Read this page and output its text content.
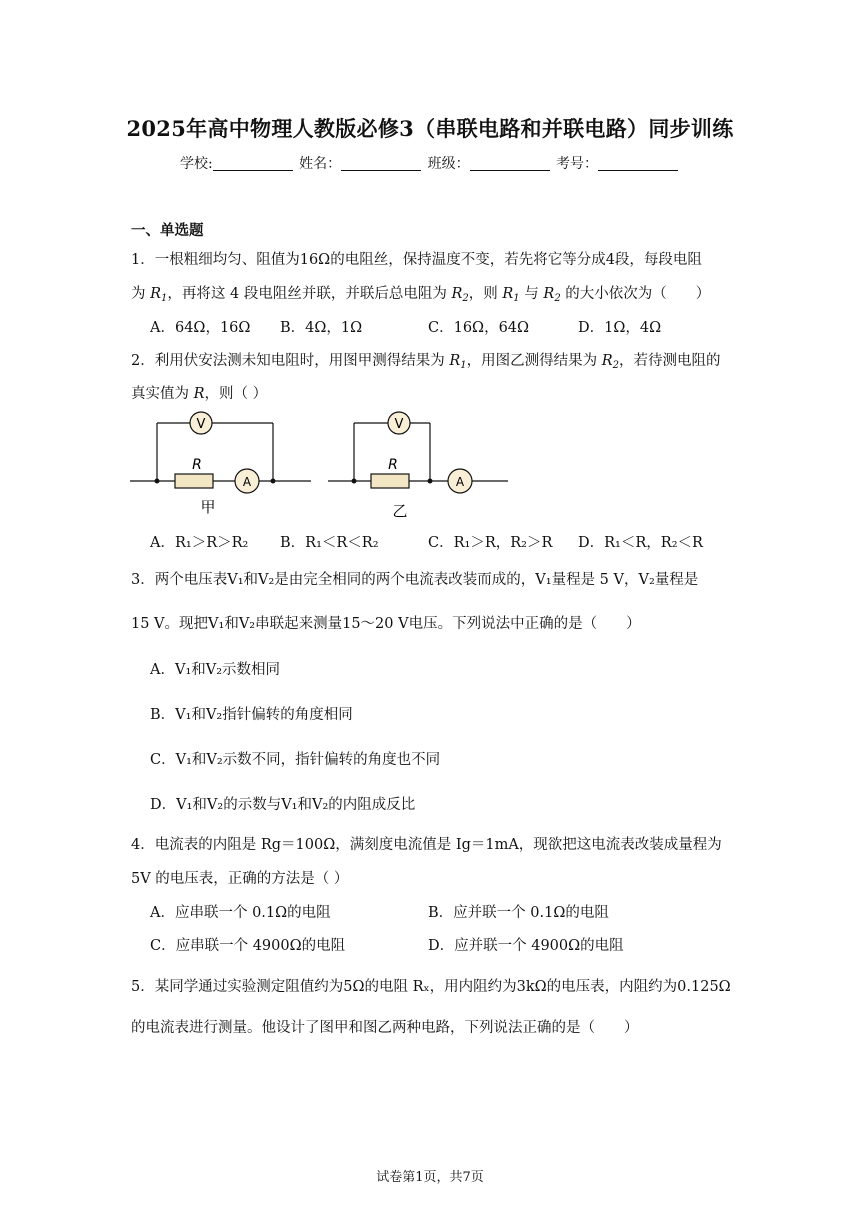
2025年高中物理人教版必修3（串联电路和并联电路）同步训练
学校:	姓名：	班级：	考号：
一、单选题
1．一根粗细均匀、阻值为16Ω的电阻丝，保持温度不变，若先将它等分成4段，每段电阻
为 $R_1$，再将这 4 段电阻丝并联，并联后总电阻为 $R_2$，则 $R_1$ 与 $R_2$ 的大小依次为（　　）
A．64Ω，16Ω B．4Ω，1Ω	C．16Ω，64Ω	D．1Ω，4Ω
2．利用伏安法测未知电阻时，用图甲测得结果为 $R_1$，用图乙测得结果为 $R_2$，若待测电阻的
真实值为 R，则（ ）
V
A
R
甲
V
A
R
乙
A．R₁＞R＞R₂ B．R₁＜R＜R₂	C．R₁＞R，R₂＞R D．R₁＜R，R₂＜R
3．两个电压表V₁和V₂是由完全相同的两个电流表改装而成的，V₁量程是 5 V，V₂量程是
15 V。现把V₁和V₂串联起来测量15～20 V电压。下列说法中正确的是（　　）
A．V₁和V₂示数相同
B．V₁和V₂指针偏转的角度相同
C．V₁和V₂示数不同，指针偏转的角度也不同
D．V₁和V₂的示数与V₁和V₂的内阻成反比
4．电流表的内阻是 Rg＝100Ω，满刻度电流值是 Ig＝1mA，现欲把这电流表改装成量程为
5V 的电压表，正确的方法是（ ）
A．应串联一个 0.1Ω的电阻	B．应并联一个 0.1Ω的电阻
C．应串联一个 4900Ω的电阻	D．应并联一个 4900Ω的电阻
5．某同学通过实验测定阻值约为5Ω的电阻 Rₓ，用内阻约为3kΩ的电压表，内阻约为0.125Ω
的电流表进行测量。他设计了图甲和图乙两种电路，下列说法正确的是（　　）
试卷第1页，共7页
